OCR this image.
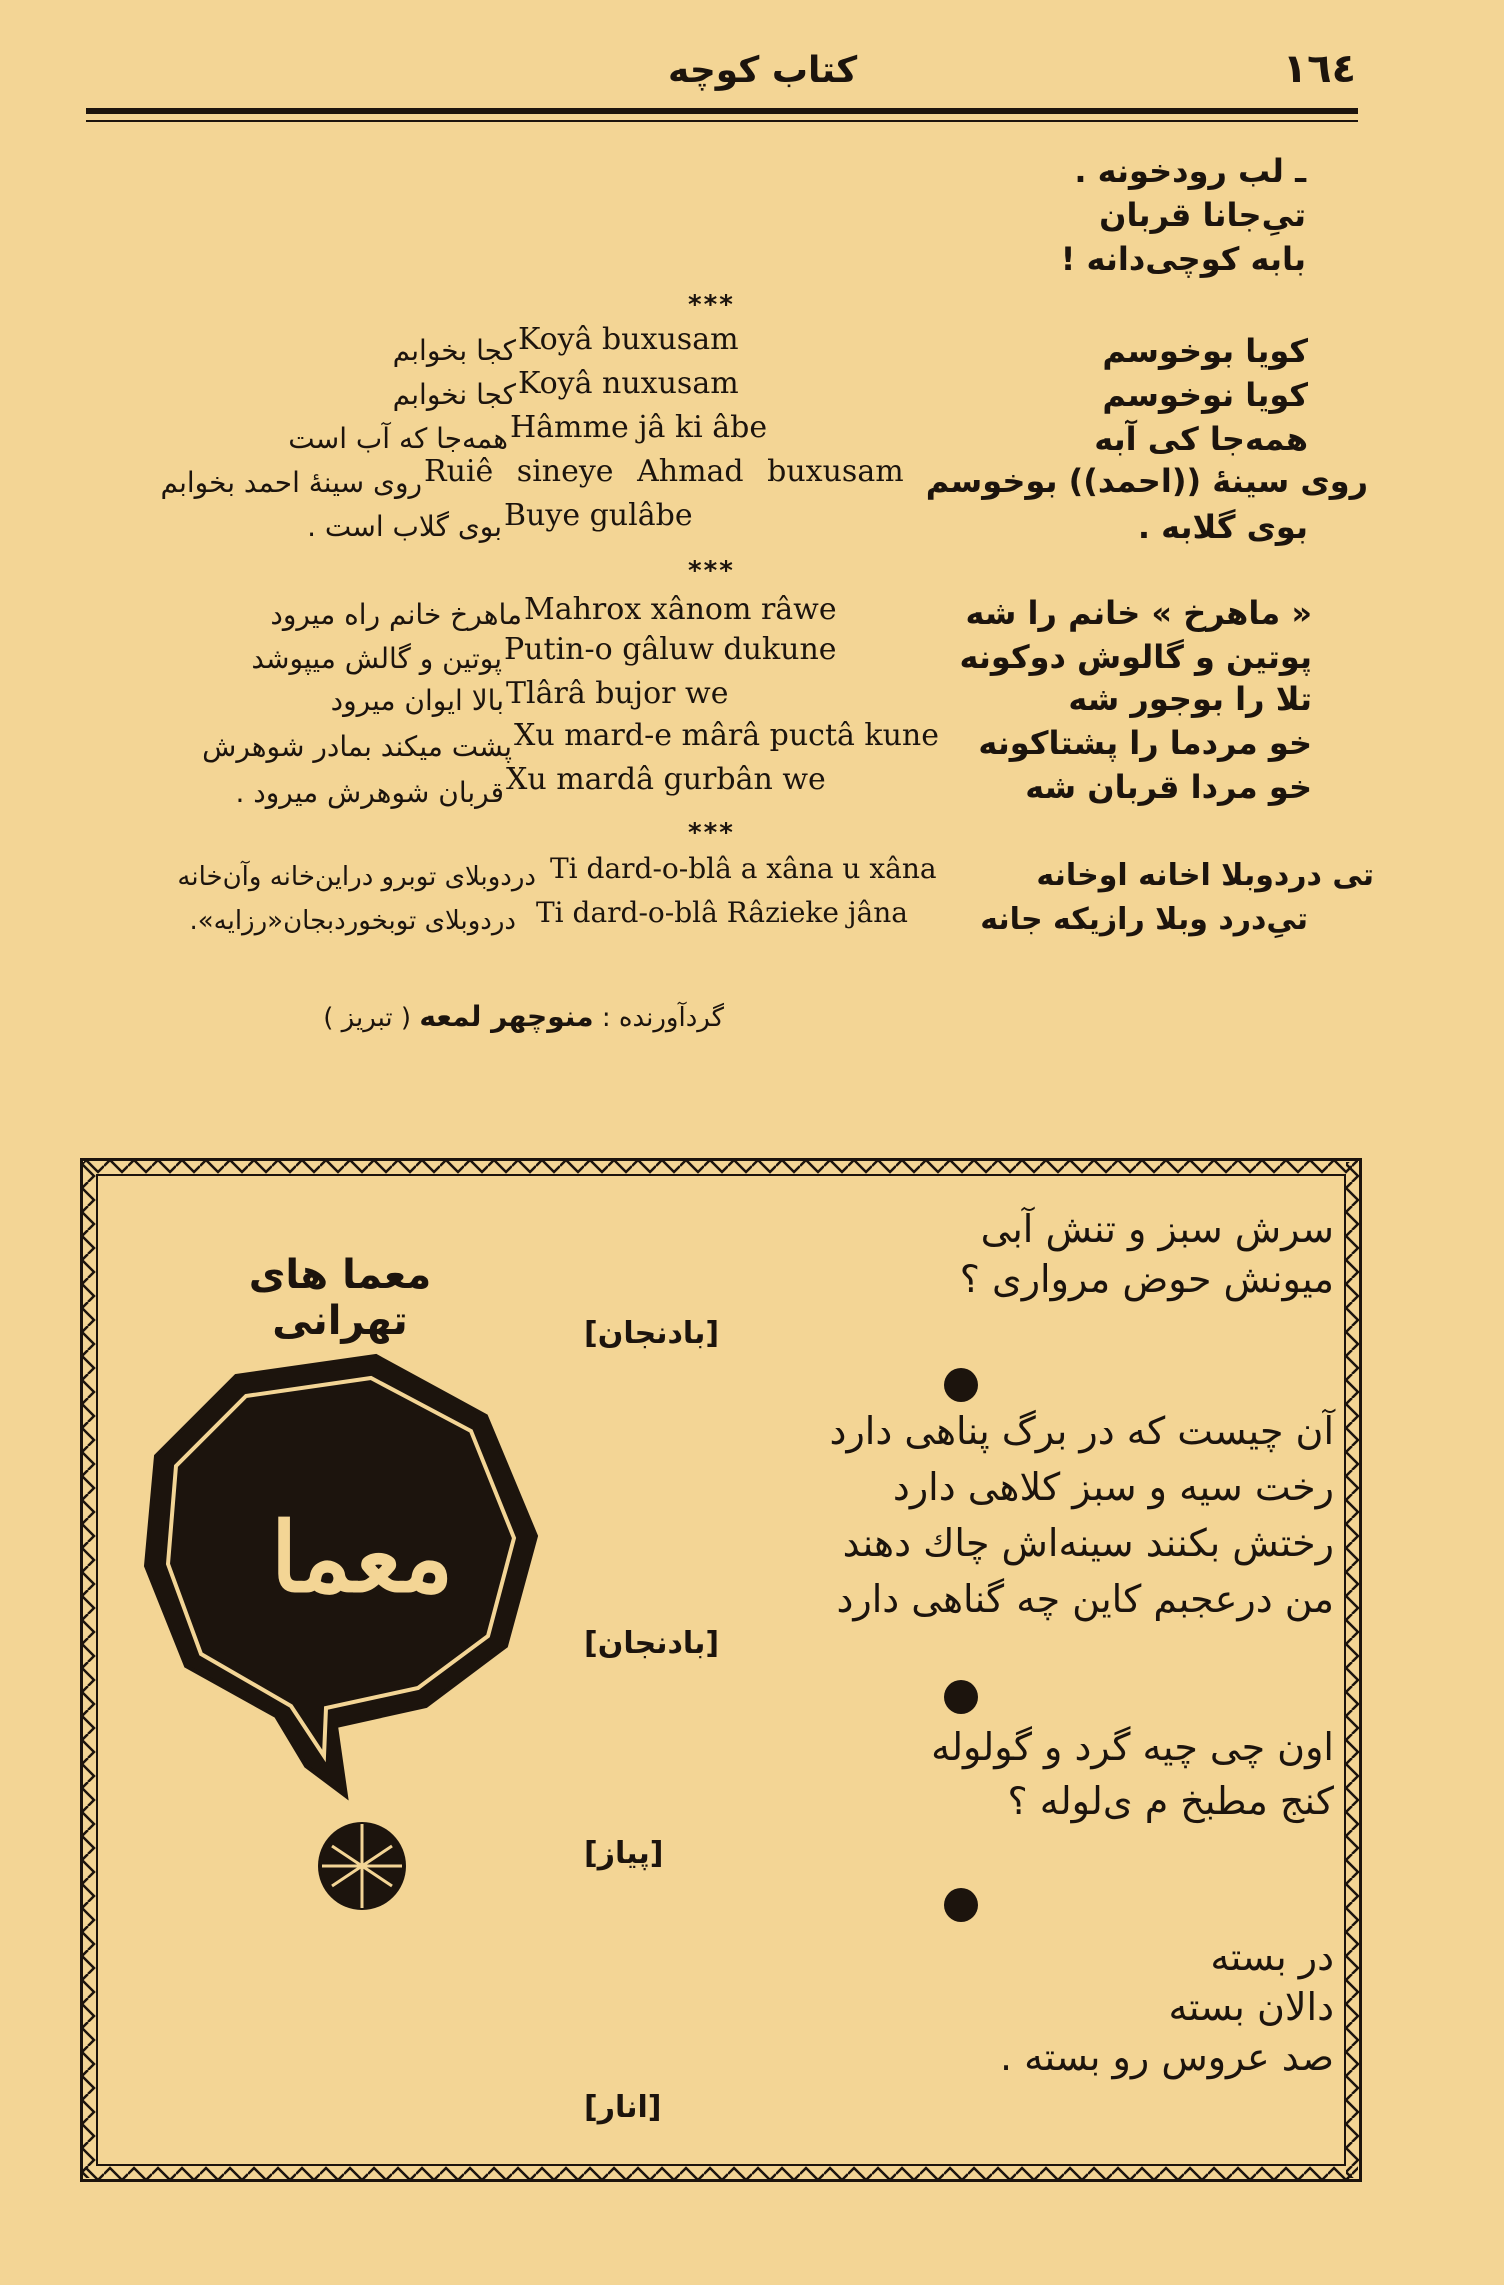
١٦٤
کتاب کوچه
ـ لب رودخونه .
تیِ‌جانا قربان
بابه کوچی‌دانه !
***
کویا بوخوسم
Koyâ buxusam
کجا بخوابم
کویا نوخوسم
Koyâ nuxusam
کجا نخوابم
همه‌جا کی آبه
Hâmme jâ ki âbe
همه‌جا که آب است
روی سینهٔ ((احمد)) بوخوسم
Ruiê sineye Ahmad buxusam
روی سینهٔ احمد بخوابم
بوی گلابه .
Buye gulâbe
بوی گلاب است .
***
« ماهرخ » خانم را شه
Mahrox xânom râwe
ماهرخ خانم راه میرود
پوتین و گالوش دوکونه
Putin-o gâluw dukune
پوتین و گالش میپوشد
تلا را بوجور شه
Tlârâ bujor we
بالا ایوان میرود
خو مردما را پشتاکونه
Xu mard-e mârâ puctâ kune
پشت میکند بمادر شوهرش
خو مردا قربان شه
Xu mardâ gurbân we
قربان شوهرش میرود .
***
تی دردوبلا اخانه اوخانه
Ti dard-o-blâ a xâna u xâna
دردوبلای توبرو دراین‌خانه وآن‌خانه
تیِ‌درد وبلا رازیکه جانه
Ti dard-o-blâ Râzieke jâna
دردوبلای توبخوردبجان«رزایه».
گردآورنده : منوچهر لمعه ( تبریز )
معما های تهرانی
معما
سرش سبز و تنش آبی
میونش حوض مرواری ؟
[بادنجان]
آن چیست که در برگ پناهی دارد
رخت سیه و سبز کلاهی دارد
رختش بکنند سینه‌اش چاك دهند
من درعجبم کاین چه گناهی دارد
[بادنجان]
اون چی چیه گرد و گولوله
کنج مطبخ م ی‌لوله ؟
[پیاز]
در بسته
دالان بسته
صد عروس رو بسته .
[انار]
